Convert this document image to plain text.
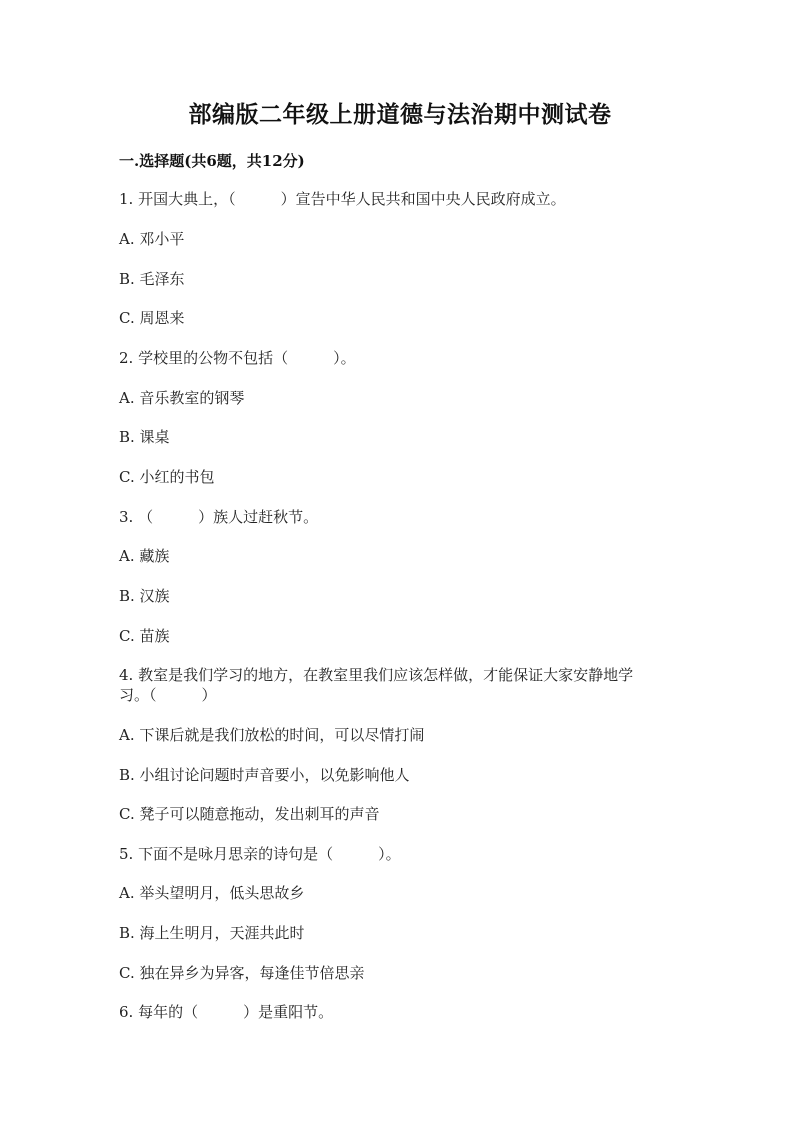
部编版二年级上册道德与法治期中测试卷
一.选择题(共6题，共12分)
1. 开国大典上，（　　　）宣告中华人民共和国中央人民政府成立。
A. 邓小平
B. 毛泽东
C. 周恩来
2. 学校里的公物不包括（　　　）。
A. 音乐教室的钢琴
B. 课桌
C. 小红的书包
3. （　　　）族人过赶秋节。
A. 藏族
B. 汉族
C. 苗族
4. 教室是我们学习的地方，在教室里我们应该怎样做，才能保证大家安静地学
习。（　　　）
A. 下课后就是我们放松的时间，可以尽情打闹
B. 小组讨论问题时声音要小，以免影响他人
C. 凳子可以随意拖动，发出刺耳的声音
5. 下面不是咏月思亲的诗句是（　　　）。
A. 举头望明月，低头思故乡
B. 海上生明月，天涯共此时
C. 独在异乡为异客，每逢佳节倍思亲
6. 每年的（　　　）是重阳节。
